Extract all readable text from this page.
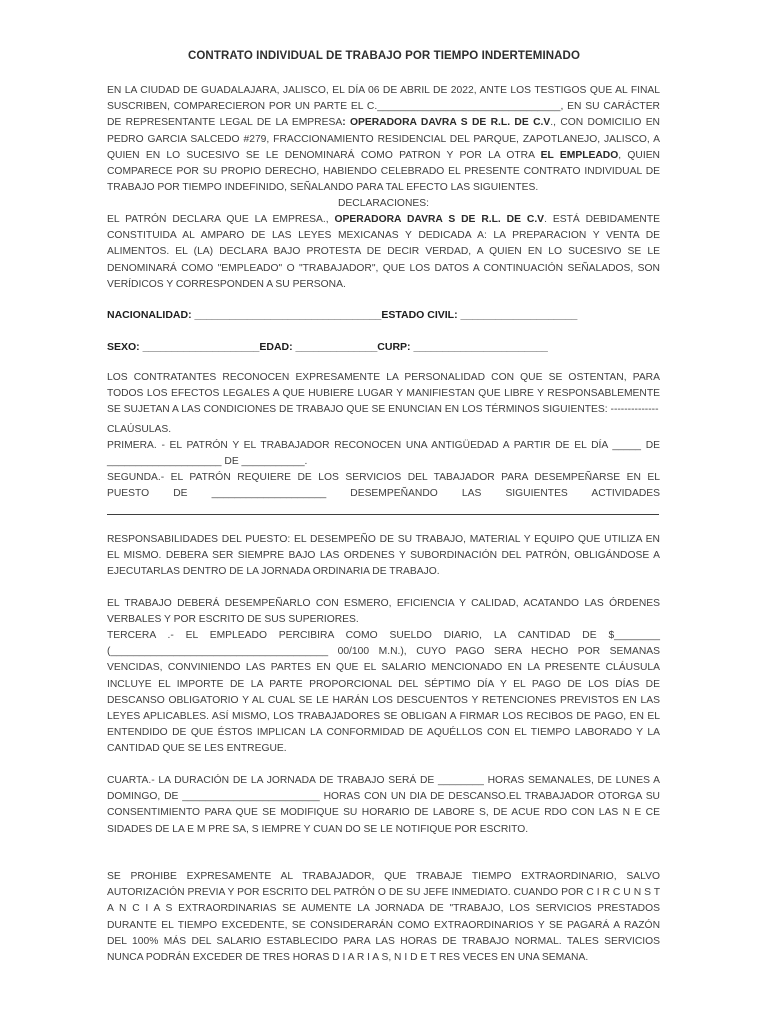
CONTRATO INDIVIDUAL DE TRABAJO POR TIEMPO INDERTEMINADO

EN LA CIUDAD DE GUADALAJARA, JALISCO, EL DÍA 06 DE ABRIL DE 2022, ANTE LOS TESTIGOS QUE AL FINAL SUSCRIBEN, COMPARECIERON POR UN PARTE EL C.________________________________, EN SU CARÁCTER DE REPRESENTANTE LEGAL DE LA EMPRESA: OPERADORA DAVRA S DE R.L. DE C.V., CON DOMICILIO EN PEDRO GARCIA SALCEDO #279, FRACCIONAMIENTO RESIDENCIAL DEL PARQUE, ZAPOTLANEJO, JALISCO, A QUIEN EN LO SUCESIVO SE LE DENOMINARÁ COMO PATRON Y POR LA OTRA EL EMPLEADO, QUIEN COMPARECE POR SU PROPIO DERECHO, HABIENDO CELEBRADO EL PRESENTE CONTRATO INDIVIDUAL DE TRABAJO POR TIEMPO INDEFINIDO, SEÑALANDO PARA TAL EFECTO LAS SIGUIENTES.

DECLARACIONES:

EL PATRÓN DECLARA QUE LA EMPRESA., OPERADORA DAVRA S DE R.L. DE C.V. ESTÁ DEBIDAMENTE CONSTITUIDA AL AMPARO DE LAS LEYES MEXICANAS Y DEDICADA A: LA PREPARACION Y VENTA DE ALIMENTOS. EL (LA) DECLARA BAJO PROTESTA DE DECIR VERDAD, A QUIEN EN LO SUCESIVO SE LE DENOMINARÁ COMO "EMPLEADO" O "TRABAJADOR", QUE LOS DATOS A CONTINUACIÓN SEÑALADOS, SON VERÍDICOS Y CORRESPONDEN A SU PERSONA.

NACIONALIDAD: ________________________________ESTADO CIVIL: ____________________
SEXO: ____________________EDAD: ______________CURP: _______________________

LOS CONTRATANTES RECONOCEN EXPRESAMENTE LA PERSONALIDAD CON QUE SE OSTENTAN, PARA TODOS LOS EFECTOS LEGALES A QUE HUBIERE LUGAR Y MANIFIESTAN QUE LIBRE Y RESPONSABLEMENTE SE SUJETAN A LAS CONDICIONES DE TRABAJO QUE SE ENUNCIAN EN LOS TÉRMINOS SIGUIENTES: --------------

CLAÚSULAS.

PRIMERA. - EL PATRÓN Y EL TRABAJADOR RECONOCEN UNA ANTIGÜEDAD A PARTIR DE EL DÍA _____ DE ____________________ DE ___________.

SEGUNDA.- EL PATRÓN REQUIERE DE LOS SERVICIOS DEL TABAJADOR PARA DESEMPEÑARSE EN EL PUESTO DE ____________________ DESEMPEÑANDO LAS SIGUIENTES ACTIVIDADES

RESPONSABILIDADES DEL PUESTO: EL DESEMPEÑO DE SU TRABAJO, MATERIAL Y EQUIPO QUE UTILIZA EN EL MISMO. DEBERA SER SIEMPRE BAJO LAS ORDENES Y SUBORDINACIÓN DEL PATRÓN, OBLIGÁNDOSE A EJECUTARLAS DENTRO DE LA JORNADA ORDINARIA DE TRABAJO.

EL TRABAJO DEBERÁ DESEMPEÑARLO CON ESMERO, EFICIENCIA Y CALIDAD, ACATANDO LAS ÓRDENES VERBALES Y POR ESCRITO DE SUS SUPERIORES.

TERCERA .- EL EMPLEADO PERCIBIRA COMO SUELDO DIARIO, LA CANTIDAD DE $________ (______________________________________ 00/100 M.N.), CUYO PAGO SERA HECHO POR SEMANAS VENCIDAS, CONVINIENDO LAS PARTES EN QUE EL SALARIO MENCIONADO EN LA PRESENTE CLÁUSULA INCLUYE EL IMPORTE DE LA PARTE PROPORCIONAL DEL SÉPTIMO DÍA Y EL PAGO DE LOS DÍAS DE DESCANSO OBLIGATORIO Y AL CUAL SE LE HARÁN LOS DESCUENTOS Y RETENCIONES PREVISTOS EN LAS LEYES APLICABLES. ASÍ MISMO, LOS TRABAJADORES SE OBLIGAN A FIRMAR LOS RECIBOS DE PAGO, EN EL ENTENDIDO DE QUE ÉSTOS IMPLICAN LA CONFORMIDAD DE AQUÉLLOS CON EL TIEMPO LABORADO Y LA CANTIDAD QUE SE LES ENTREGUE.

CUARTA.- LA DURACIÓN DE LA JORNADA DE TRABAJO SERÁ DE ________ HORAS SEMANALES, DE LUNES A DOMINGO, DE ________________________ HORAS CON UN DIA DE DESCANSO.EL TRABAJADOR OTORGA SU CONSENTIMIENTO PARA QUE SE MODIFIQUE SU HORARIO DE LABORE S, DE ACUE RDO CON LAS N E CE SIDADES DE LA E M PRE SA, S IEMPRE Y CUAN DO SE LE NOTIFIQUE POR ESCRITO.

SE PROHIBE EXPRESAMENTE AL TRABAJADOR, QUE TRABAJE TIEMPO EXTRAORDINARIO, SALVO AUTORIZACIÓN PREVIA Y POR ESCRITO DEL PATRÓN O DE SU JEFE INMEDIATO. CUANDO POR C I R C U N S T A N C I A S EXTRAORDINARIAS SE AUMENTE LA JORNADA DE "TRABAJO, LOS SERVICIOS PRESTADOS DURANTE EL TIEMPO EXCEDENTE, SE CONSIDERARÁN COMO EXTRAORDINARIOS Y SE PAGARÁ A RAZÓN DEL 100% MÁS DEL SALARIO ESTABLECIDO PARA LAS HORAS DE TRABAJO NORMAL. TALES SERVICIOS NUNCA PODRÁN EXCEDER DE TRES HORAS D I A R I A S, N I D E T RES VECES EN UNA SEMANA.
